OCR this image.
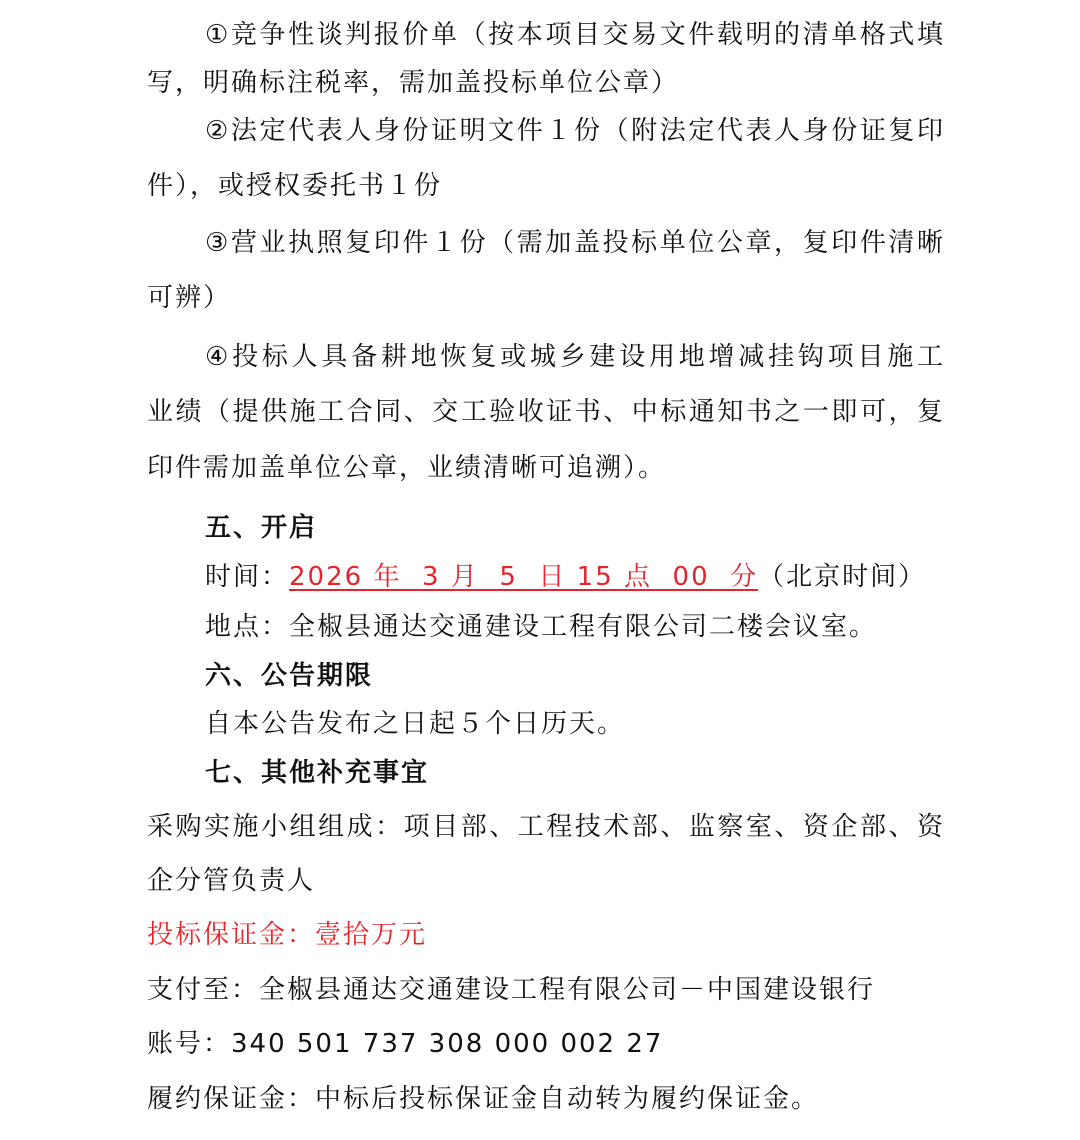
①竞争性谈判报价单（按本项目交易文件载明的清单格式填
写，明确标注税率，需加盖投标单位公章）
②法定代表人身份证明文件１份（附法定代表人身份证复印
件），或授权委托书１份
③营业执照复印件１份（需加盖投标单位公章，复印件清晰
可辨）
④投标人具备耕地恢复或城乡建设用地增减挂钩项目施工
业绩（提供施工合同、交工验收证书、中标通知书之一即可，复
印件需加盖单位公章，业绩清晰可追溯）。
五、开启
时间：2026 年  3 月  5  日 15 点  00  分（北京时间）
地点：全椒县通达交通建设工程有限公司二楼会议室。
六、公告期限
自本公告发布之日起５个日历天。
七、其他补充事宜
采购实施小组组成：项目部、工程技术部、监察室、资企部、资
企分管负责人
投标保证金：壹拾万元
支付至：全椒县通达交通建设工程有限公司－中国建设银行
账号：340 501 737 308 000 002 27
履约保证金：中标后投标保证金自动转为履约保证金。
